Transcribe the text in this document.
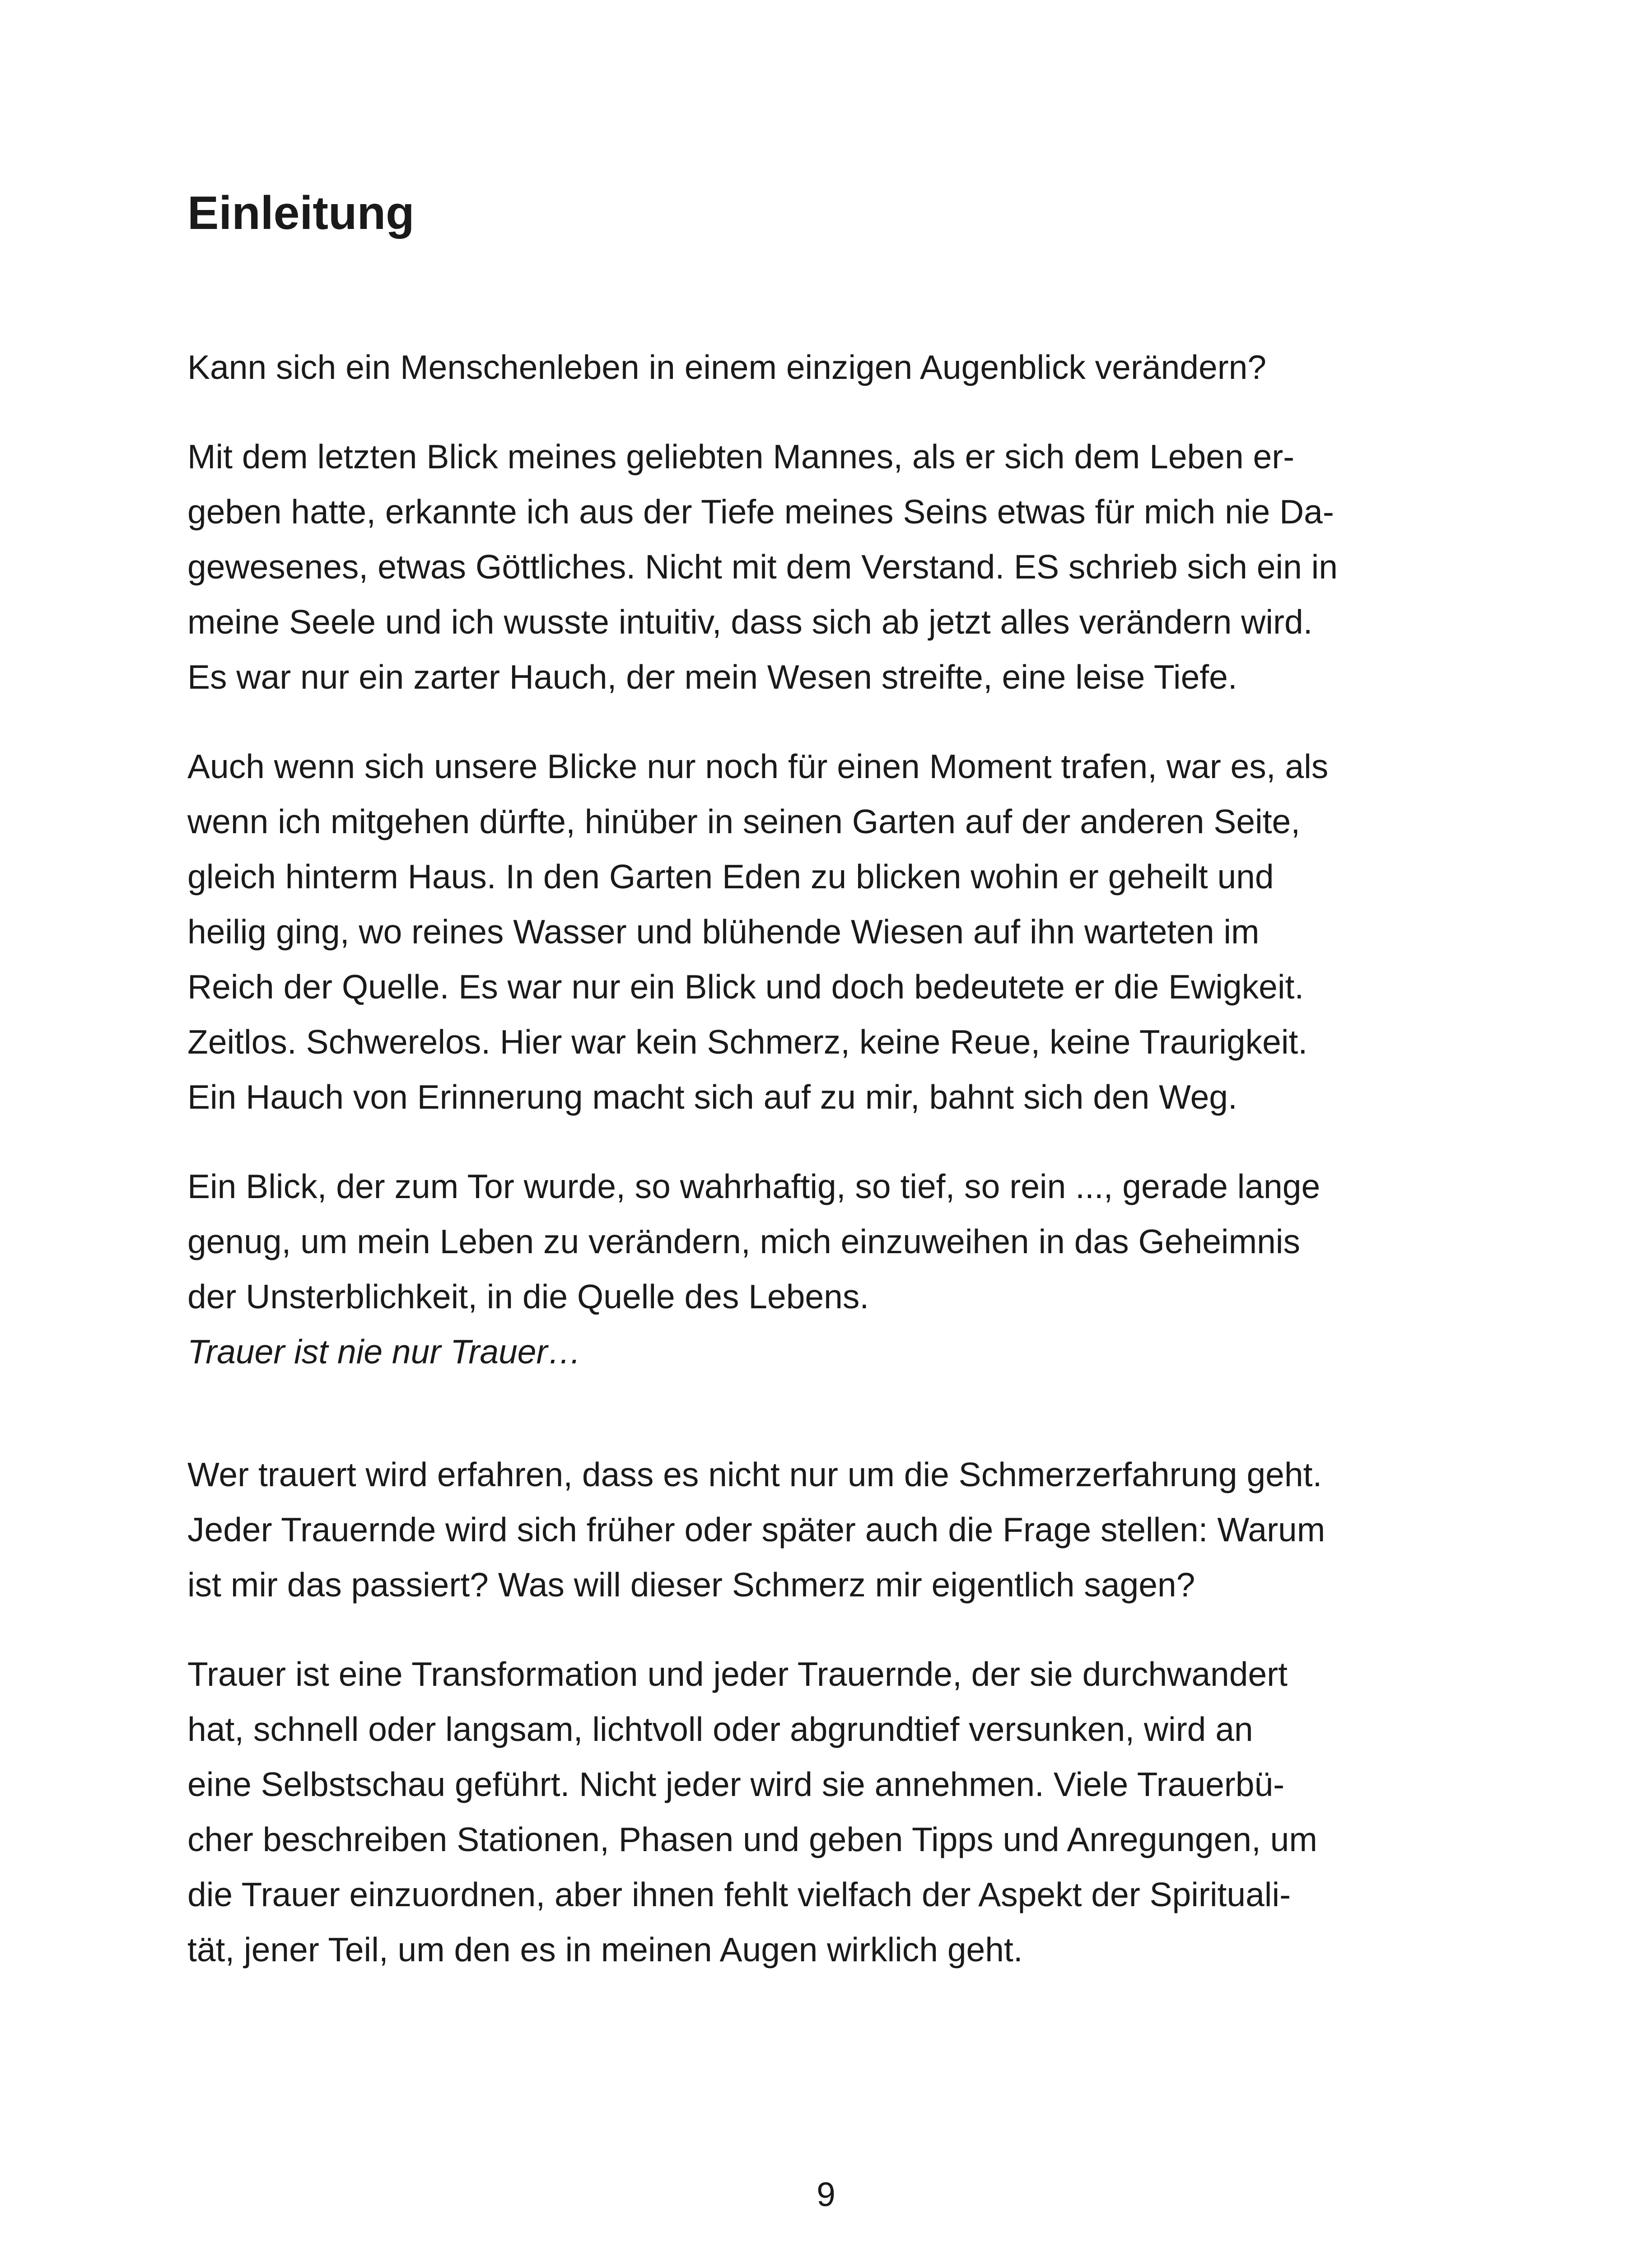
Einleitung

Kann sich ein Menschenleben in einem einzigen Augenblick verändern?

Mit dem letzten Blick meines geliebten Mannes, als er sich dem Leben er-
geben hatte, erkannte ich aus der Tiefe meines Seins etwas für mich nie Da-
gewesenes, etwas Göttliches. Nicht mit dem Verstand. ES schrieb sich ein in
meine Seele und ich wusste intuitiv, dass sich ab jetzt alles verändern wird.
Es war nur ein zarter Hauch, der mein Wesen streifte, eine leise Tiefe.

Auch wenn sich unsere Blicke nur noch für einen Moment trafen, war es, als
wenn ich mitgehen dürfte, hinüber in seinen Garten auf der anderen Seite,
gleich hinterm Haus. In den Garten Eden zu blicken wohin er geheilt und
heilig ging, wo reines Wasser und blühende Wiesen auf ihn warteten im
Reich der Quelle. Es war nur ein Blick und doch bedeutete er die Ewigkeit.
Zeitlos. Schwerelos. Hier war kein Schmerz, keine Reue, keine Traurigkeit.
Ein Hauch von Erinnerung macht sich auf zu mir, bahnt sich den Weg.

Ein Blick, der zum Tor wurde, so wahrhaftig, so tief, so rein ..., gerade lange
genug, um mein Leben zu verändern, mich einzuweihen in das Geheimnis
der Unsterblichkeit, in die Quelle des Lebens.

Trauer ist nie nur Trauer…

Wer trauert wird erfahren, dass es nicht nur um die Schmerzerfahrung geht.
Jeder Trauernde wird sich früher oder später auch die Frage stellen: Warum
ist mir das passiert? Was will dieser Schmerz mir eigentlich sagen?

Trauer ist eine Transformation und jeder Trauernde, der sie durchwandert
hat, schnell oder langsam, lichtvoll oder abgrundtief versunken, wird an
eine Selbstschau geführt. Nicht jeder wird sie annehmen. Viele Trauerbü-
cher beschreiben Stationen, Phasen und geben Tipps und Anregungen, um
die Trauer einzuordnen, aber ihnen fehlt vielfach der Aspekt der Spirituali-
tät, jener Teil, um den es in meinen Augen wirklich geht.

9
